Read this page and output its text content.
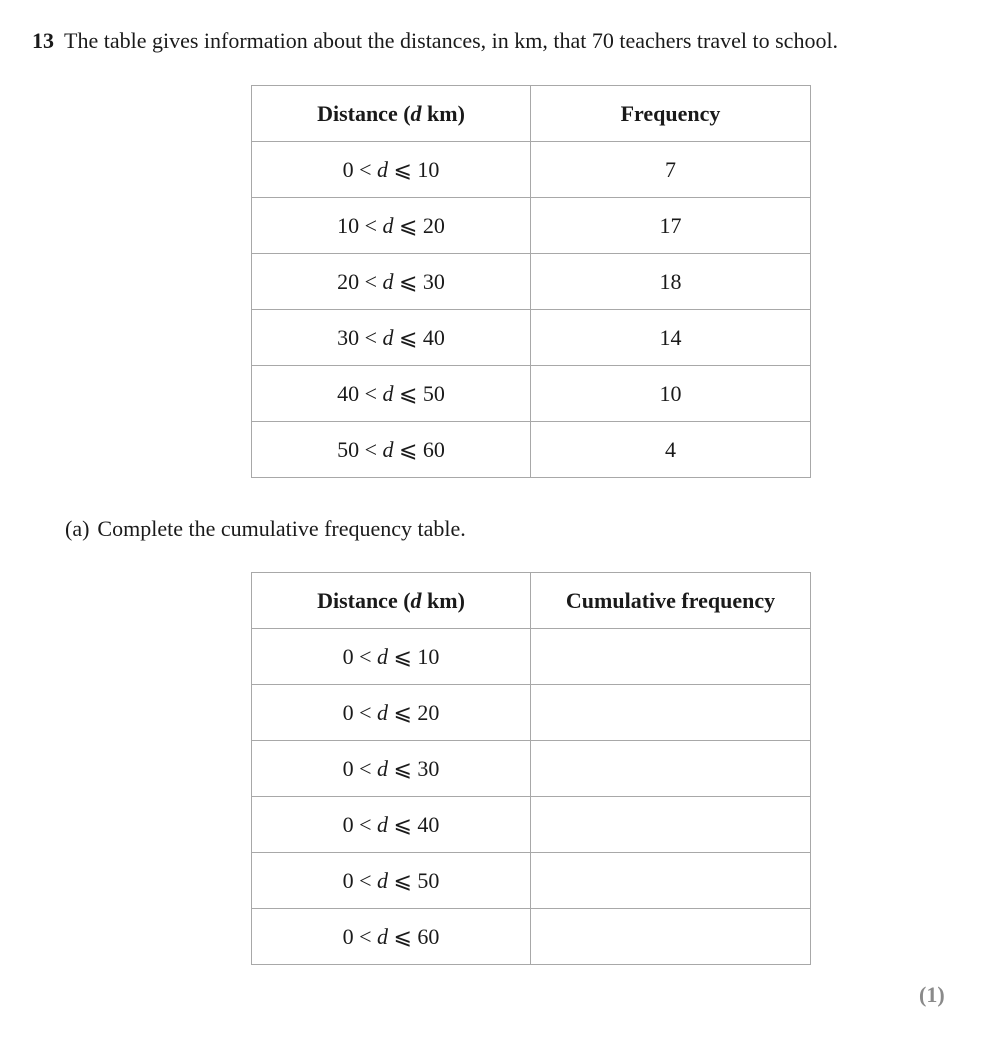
13 The table gives information about the distances, in km, that 70 teachers travel to school.
Distance (d km)	Frequency
0 < d ⩽ 10	7
10 < d ⩽ 20	17
20 < d ⩽ 30	18
30 < d ⩽ 40	14
40 < d ⩽ 50	10
50 < d ⩽ 60	4
(a) Complete the cumulative frequency table.
Distance (d km)	Cumulative frequency
0 < d ⩽ 10	
0 < d ⩽ 20	
0 < d ⩽ 30	
0 < d ⩽ 40	
0 < d ⩽ 50	
0 < d ⩽ 60	
(1)
